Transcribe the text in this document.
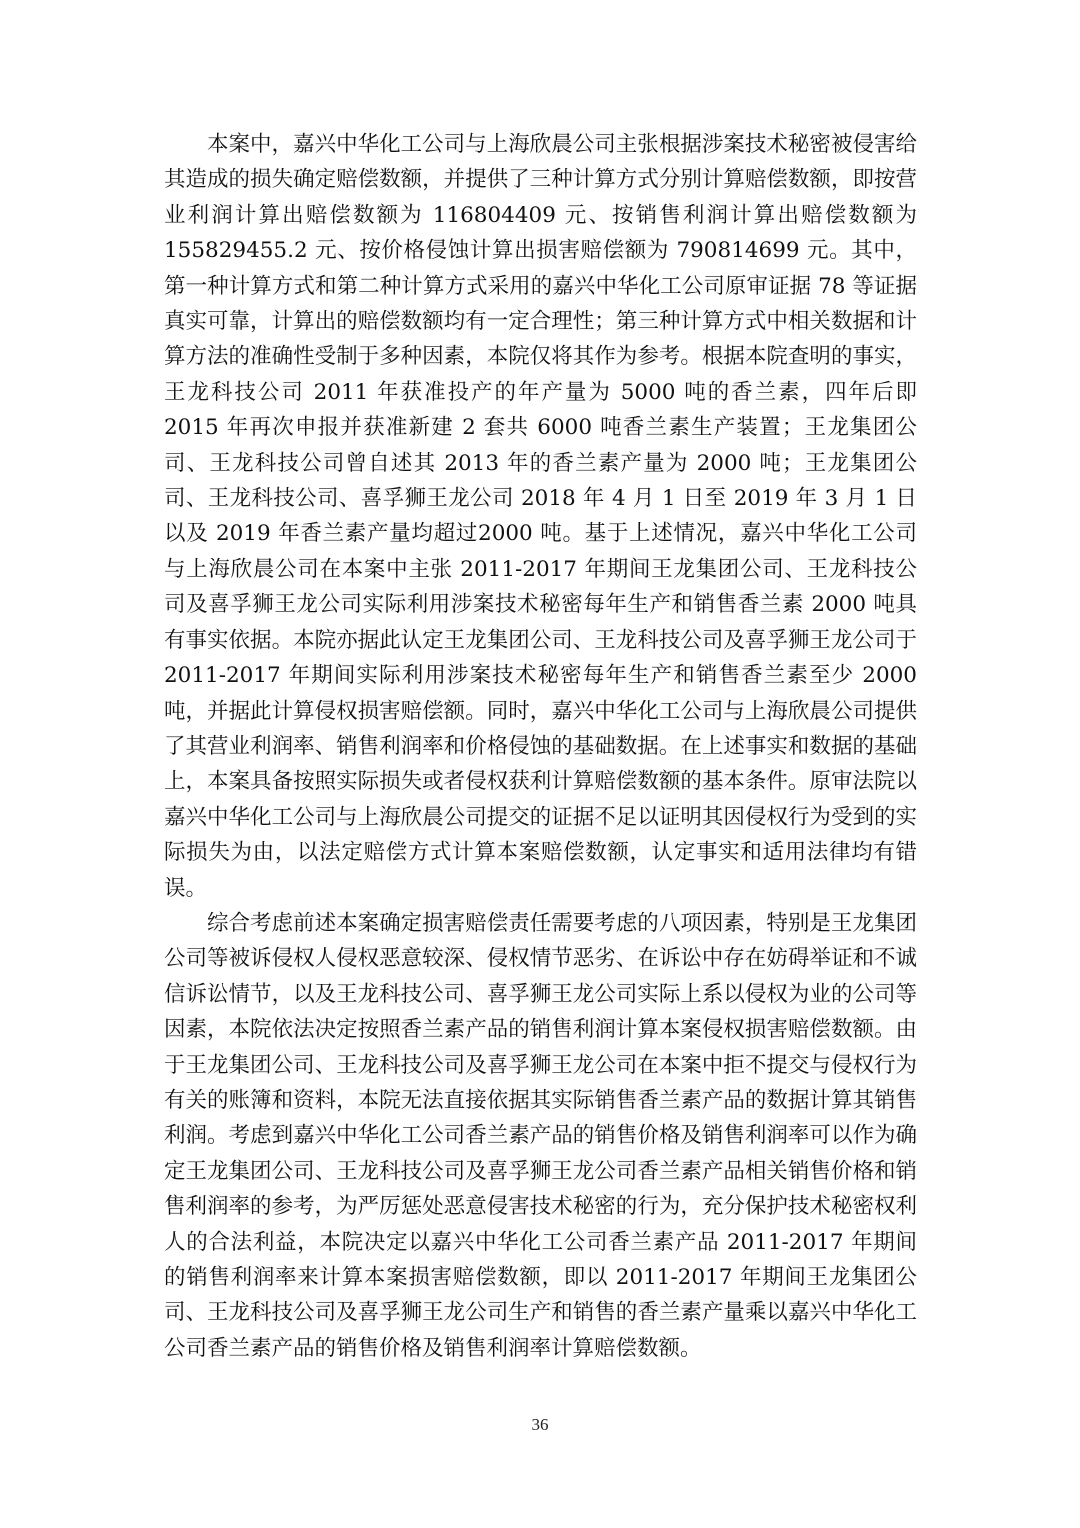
本案中，嘉兴中华化工公司与上海欣晨公司主张根据涉案技术秘密被侵害给其造成的损失确定赔偿数额，并提供了三种计算方式分别计算赔偿数额，即按营业利润计算出赔偿数额为 116804409 元、按销售利润计算出赔偿数额为155829455.2 元、按价格侵蚀计算出损害赔偿额为 790814699 元。其中，第一种计算方式和第二种计算方式采用的嘉兴中华化工公司原审证据 78 等证据真实可靠，计算出的赔偿数额均有一定合理性；第三种计算方式中相关数据和计算方法的准确性受制于多种因素，本院仅将其作为参考。根据本院查明的事实，王龙科技公司 2011 年获准投产的年产量为 5000 吨的香兰素，四年后即 2015 年再次申报并获准新建 2 套共 6000 吨香兰素生产装置；王龙集团公司、王龙科技公司曾自述其 2013 年的香兰素产量为 2000 吨；王龙集团公司、王龙科技公司、喜孚狮王龙公司 2018 年 4 月 1 日至 2019 年 3 月 1 日以及 2019 年香兰素产量均超过2000 吨。基于上述情况，嘉兴中华化工公司与上海欣晨公司在本案中主张 2011-2017 年期间王龙集团公司、王龙科技公司及喜孚狮王龙公司实际利用涉案技术秘密每年生产和销售香兰素 2000 吨具有事实依据。本院亦据此认定王龙集团公司、王龙科技公司及喜孚狮王龙公司于 2011-2017 年期间实际利用涉案技术秘密每年生产和销售香兰素至少 2000 吨，并据此计算侵权损害赔偿额。同时，嘉兴中华化工公司与上海欣晨公司提供了其营业利润率、销售利润率和价格侵蚀的基础数据。在上述事实和数据的基础上，本案具备按照实际损失或者侵权获利计算赔偿数额的基本条件。原审法院以嘉兴中华化工公司与上海欣晨公司提交的证据不足以证明其因侵权行为受到的实际损失为由，以法定赔偿方式计算本案赔偿数额，认定事实和适用法律均有错误。

综合考虑前述本案确定损害赔偿责任需要考虑的八项因素，特别是王龙集团公司等被诉侵权人侵权恶意较深、侵权情节恶劣、在诉讼中存在妨碍举证和不诚信诉讼情节，以及王龙科技公司、喜孚狮王龙公司实际上系以侵权为业的公司等因素，本院依法决定按照香兰素产品的销售利润计算本案侵权损害赔偿数额。由于王龙集团公司、王龙科技公司及喜孚狮王龙公司在本案中拒不提交与侵权行为有关的账簿和资料，本院无法直接依据其实际销售香兰素产品的数据计算其销售利润。考虑到嘉兴中华化工公司香兰素产品的销售价格及销售利润率可以作为确定王龙集团公司、王龙科技公司及喜孚狮王龙公司香兰素产品相关销售价格和销售利润率的参考，为严厉惩处恶意侵害技术秘密的行为，充分保护技术秘密权利人的合法利益，本院决定以嘉兴中华化工公司香兰素产品 2011-2017 年期间的销售利润率来计算本案损害赔偿数额，即以 2011-2017 年期间王龙集团公司、王龙科技公司及喜孚狮王龙公司生产和销售的香兰素产量乘以嘉兴中华化工公司香兰素产品的销售价格及销售利润率计算赔偿数额。

36
